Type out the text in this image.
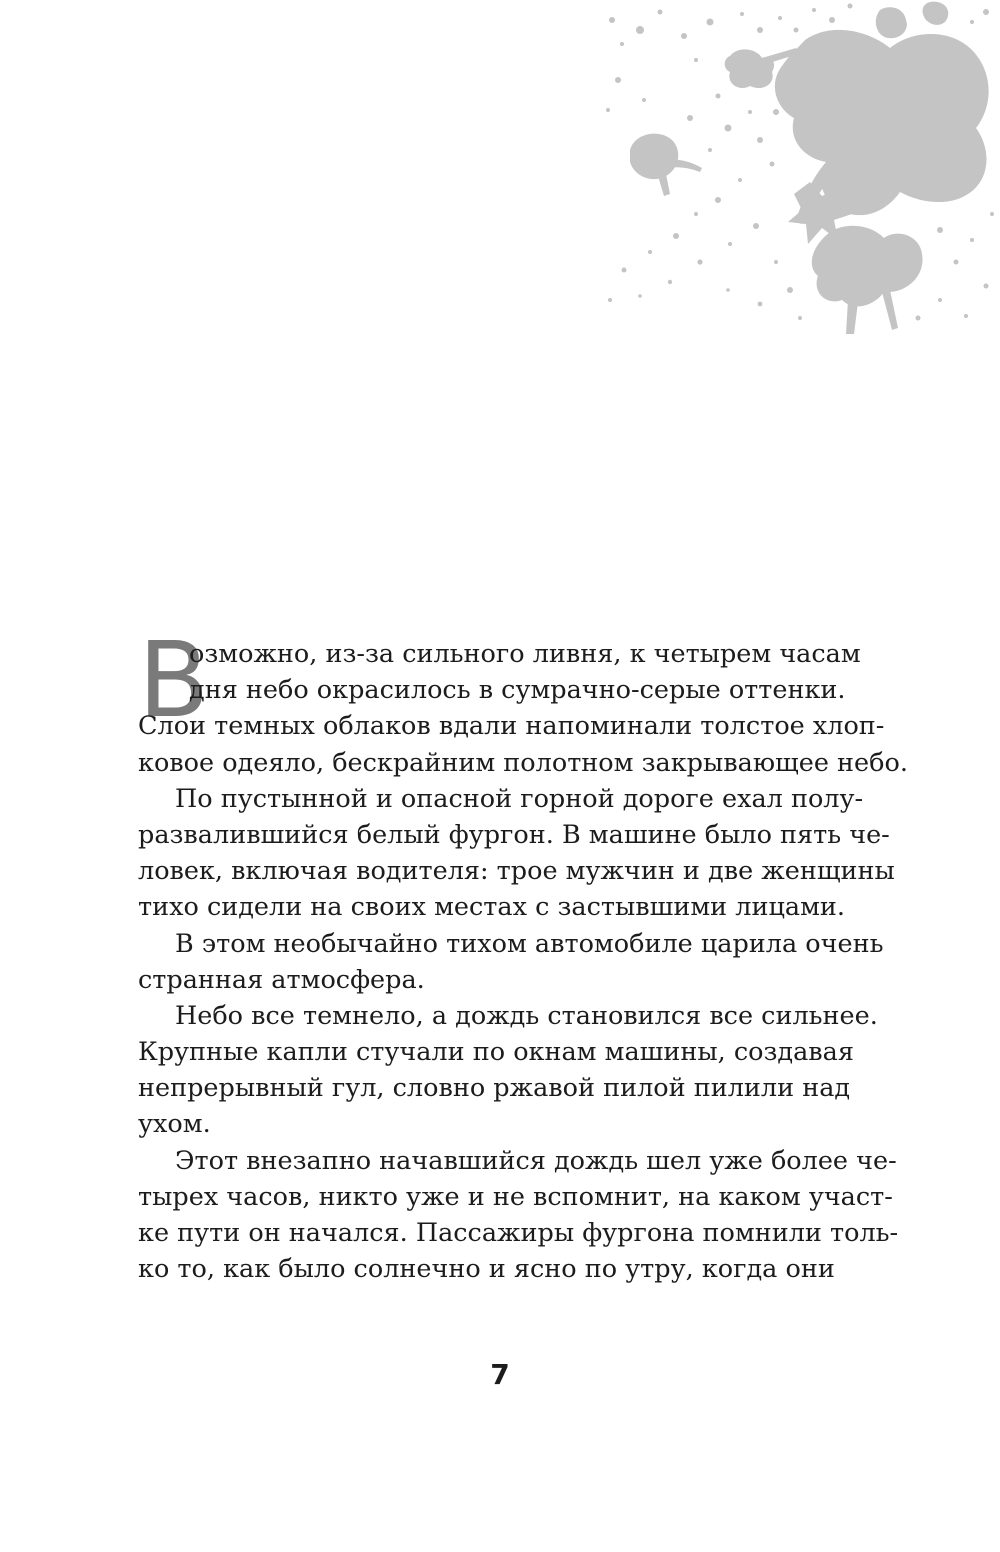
В
озможно, из-за сильного ливня, к четырем часам
дня небо окрасилось в сумрачно-серые оттенки.
Слои темных облаков вдали напоминали толстое хлоп-
ковое одеяло, бескрайним полотном закрывающее небо.
По пустынной и опасной горной дороге ехал полу-
развалившийся белый фургон. В машине было пять че-
ловек, включая водителя: трое мужчин и две женщины
тихо сидели на своих местах с застывшими лицами.
В этом необычайно тихом автомобиле царила очень
странная атмосфера.
Небо все темнело, а дождь становился все сильнее.
Крупные капли стучали по окнам машины, создавая
непрерывный гул, словно ржавой пилой пилили над
ухом.
Этот внезапно начавшийся дождь шел уже более че-
тырех часов, никто уже и не вспомнит, на каком участ-
ке пути он начался. Пассажиры фургона помнили толь-
ко то, как было солнечно и ясно по утру, когда они
7
